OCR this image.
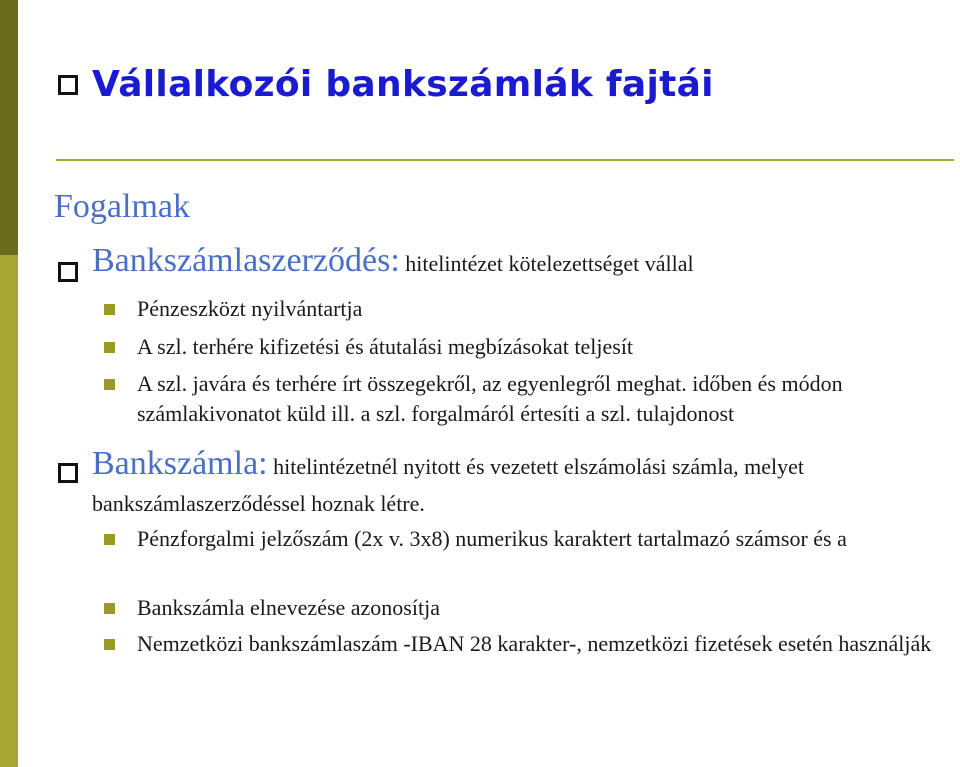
Vállalkozói bankszámlák fajtái
Fogalmak
Bankszámlaszerződés: hitelintézet kötelezettséget vállal
Pénzeszközt nyilvántartja
A szl. terhére kifizetési és átutalási megbízásokat teljesít
A szl. javára és terhére írt összegekről, az egyenlegről meghat. időben és módon számlakivonatot küld ill. a szl. forgalmáról értesíti a szl. tulajdonost
Bankszámla: hitelintézetnél nyitott és vezetett elszámolási számla, melyet bankszámlaszerződéssel hoznak létre.
Pénzforgalmi jelzőszám (2x v. 3x8) numerikus karaktert tartalmazó számsor és a
Bankszámla elnevezése azonosítja
Nemzetközi bankszámlaszám -IBAN 28 karakter-, nemzetközi fizetések esetén használják
